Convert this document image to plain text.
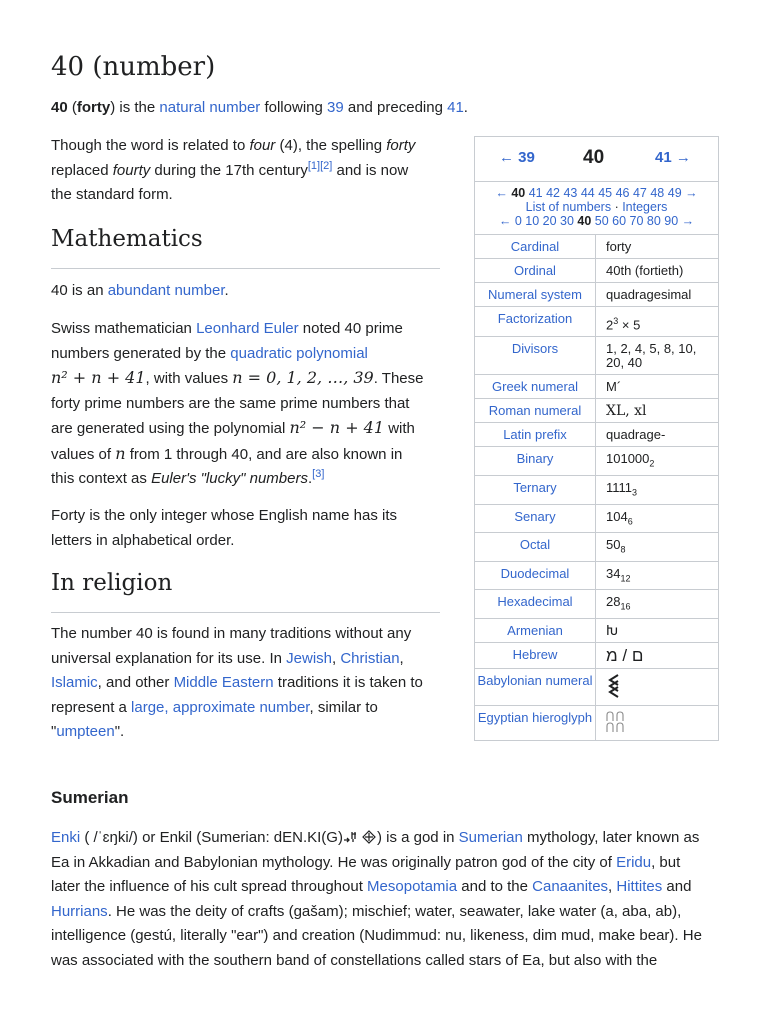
40 (number)

40 (forty) is the natural number following 39 and preceding 41.

Though the word is related to four (4), the spelling forty
replaced fourty during the 17th century[1][2] and is now
the standard form.
Mathematics

40 is an abundant number.

Swiss mathematician Leonhard Euler noted 40 prime
numbers generated by the quadratic polynomial
n² + n + 41, with values n = 0, 1, 2, …, 39. These
forty prime numbers are the same prime numbers that
are generated using the polynomial n² − n + 41 with
values of n from 1 through 40, and are also known in
this context as Euler's "lucky" numbers.[3]
Forty is the only integer whose English name has its
letters in alphabetical order.
In religion
The number 40 is found in many traditions without any
universal explanation for its use. In Jewish, Christian,
Islamic, and other Middle Eastern traditions it is taken to
represent a large, approximate number, similar to
"umpteen".
Sumerian
Enki ( /ˈɛŋki/) or Enkil (Sumerian: dEN.KI(G) ) is a god in Sumerian mythology, later known as
Ea in Akkadian and Babylonian mythology. He was originally patron god of the city of Eridu, but
later the influence of his cult spread throughout Mesopotamia and to the Canaanites, Hittites and
Hurrians. He was the deity of crafts (gašam); mischief; water, seawater, lake water (a, aba, ab),
intelligence (gestú, literally "ear") and creation (Nudimmud: nu, likeness, dim mud, make bear). He
was associated with the southern band of constellations called stars of Ea, but also with the
← 39	40	41 →
← 40 41 42 43 44 45 46 47 48 49 →
List of numbers · Integers
← 0 10 20 30 40 50 60 70 80 90 →
Cardinal	forty
Ordinal	40th (fortieth)
Numeral system	quadragesimal
Factorization	$2^3 \times 5$
Divisors	1, 2, 4, 5, 8, 10, 20, 40
Greek numeral	Μ´
Roman numeral	XL, xl
Latin prefix	quadrage-
Binary	$101000_2$
Ternary	$1111_3$
Senary	$104_6$
Octal	$50_8$
Duodecimal	$34_{12}$
Hexadecimal	$28_{16}$
Armenian	Խ
Hebrew	ם / מ
Babylonian numeral
Egyptian hieroglyph
